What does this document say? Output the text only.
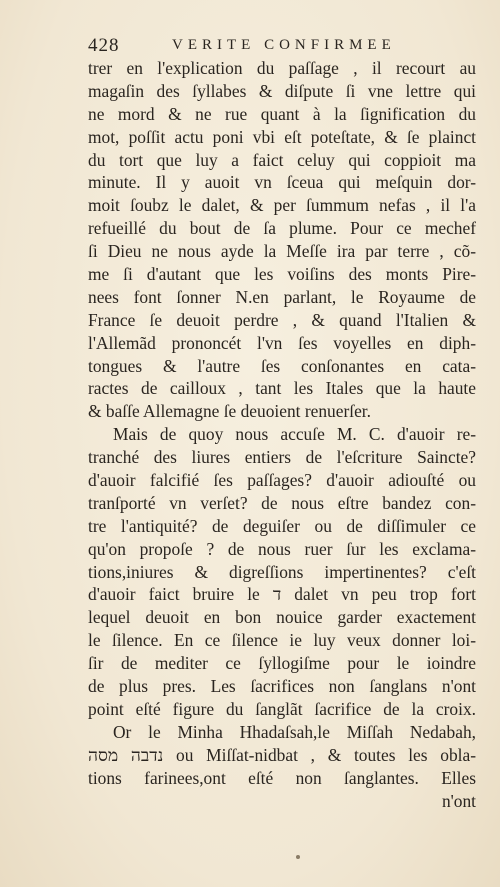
428	VERITE CONFIRMEE
trer en l'explication du paſſage , il recourt au
magaſin des ſyllabes & diſpute ſi vne lettre qui
ne mord & ne rue quant à la ſignification du
mot, poſſit actu poni vbi eſt poteſtate, & ſe plainct
du tort que luy a faict celuy qui coppioit ma
minute. Il y auoit vn ſceua qui meſquin dor-
moit ſoubz le dalet, & per ſummum nefas , il l'a
refueillé du bout de ſa plume. Pour ce mechef
ſi Dieu ne nous ayde la Meſſe ira par terre , cõ-
me ſi d'autant que les voiſins des monts Pire-
nees font ſonner N.en parlant, le Royaume de
France ſe deuoit perdre , & quand l'Italien &
l'Allemãd prononcét l'vn ſes voyelles en diph-
tongues & l'autre ſes conſonantes en cata-
ractes de cailloux , tant les Itales que la haute
& baſſe Allemagne ſe deuoient renuerſer.
Mais de quoy nous accuſe M. C. d'auoir re-
tranché des liures entiers de l'eſcriture Saincte?
d'auoir falcifié ſes paſſages? d'auoir adiouſté ou
tranſporté vn verſet? de nous eſtre bandez con-
tre l'antiquité? de deguiſer ou de diſſimuler ce
qu'on propoſe ? de nous ruer ſur les exclama-
tions,iniures & digreſſions impertinentes? c'eſt
d'auoir faict bruire le ד dalet vn peu trop fort
lequel deuoit en bon nouice garder exactement
le ſilence. En ce ſilence ie luy veux donner loi-
ſir de mediter ce ſyllogiſme pour le ioindre
de plus pres. Les ſacrifices non ſanglans n'ont
point eſté figure du ſanglãt ſacrifice de la croix.
Or le Minha Hhadaſsah,le Miſſah Nedabah,
נדבה מסה ou Miſſat-nidbat , & toutes les obla-
tions farinees,ont eſté non ſanglantes. Elles
n'ont
